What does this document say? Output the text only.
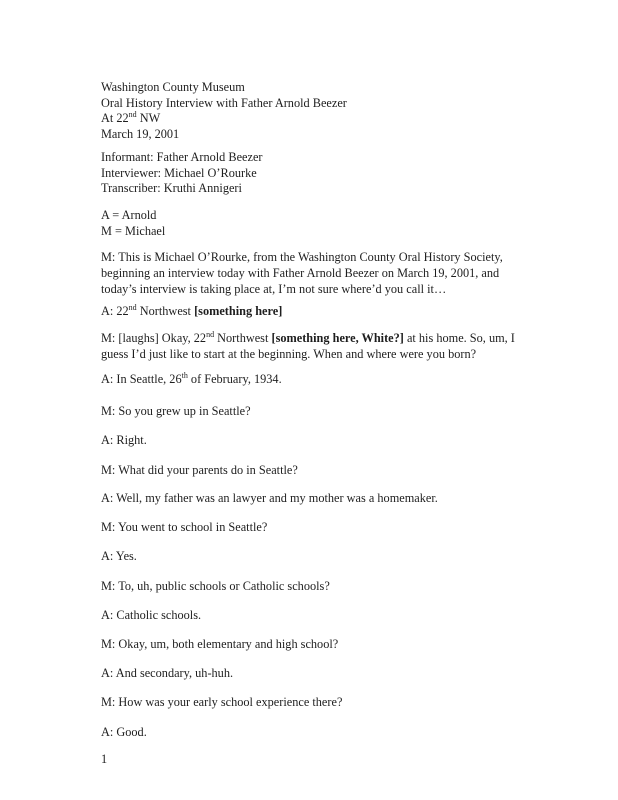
Washington County Museum
Oral History Interview with Father Arnold Beezer
At 22nd NW
March 19, 2001
Informant: Father Arnold Beezer
Interviewer: Michael O’Rourke
Transcriber: Kruthi Annigeri
A = Arnold
M = Michael

M: This is Michael O’Rourke, from the Washington County Oral History Society, beginning an interview today with Father Arnold Beezer on March 19, 2001, and today’s interview is taking place at, I’m not sure where’d you call it…

A: 22nd Northwest [something here]

M: [laughs] Okay, 22nd Northwest [something here, White?] at his home. So, um, I guess I’d just like to start at the beginning. When and where were you born?

A: In Seattle, 26th of February, 1934.

M: So you grew up in Seattle?

A: Right.

M: What did your parents do in Seattle?

A: Well, my father was an lawyer and my mother was a homemaker.

M: You went to school in Seattle?

A: Yes.

M: To, uh, public schools or Catholic schools?

A: Catholic schools.

M: Okay, um, both elementary and high school?

A: And secondary, uh-huh.

M: How was your early school experience there?

A: Good.

1
